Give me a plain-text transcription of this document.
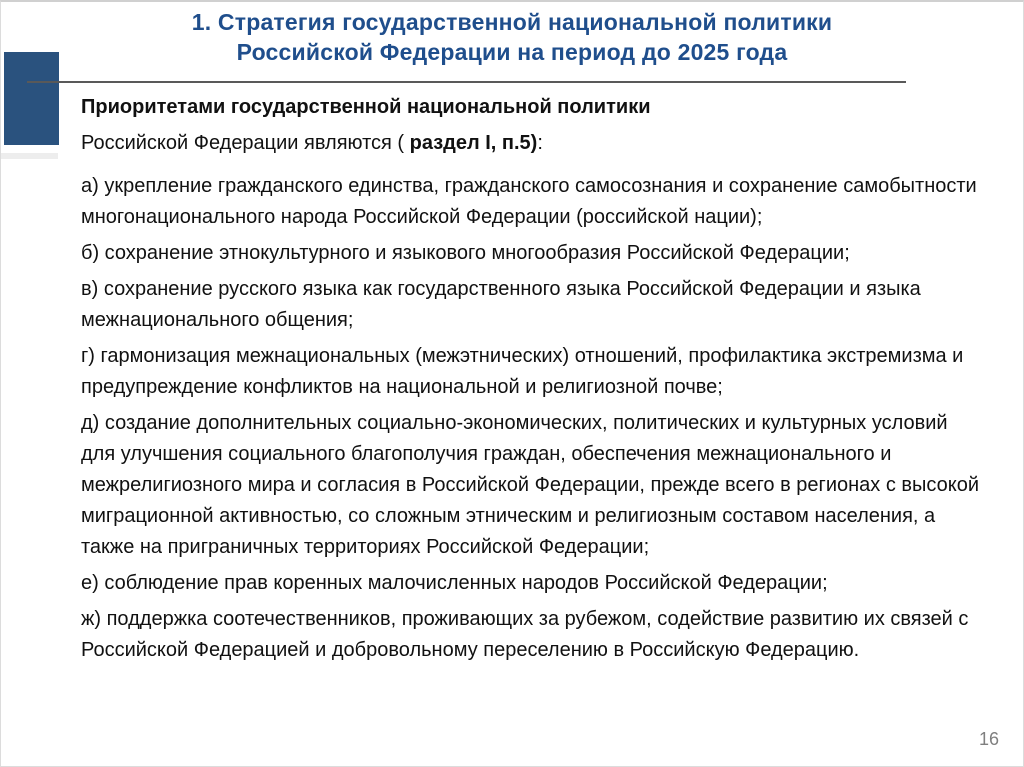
1. Стратегия государственной национальной политики
Российской Федерации на период до 2025 года

Приоритетами государственной национальной политики

Российской Федерации являются ( раздел I, п.5):

а) укрепление гражданского единства, гражданского самосознания и сохранение самобытности многонационального народа Российской Федерации (российской нации);

б) сохранение этнокультурного и языкового многообразия Российской Федерации;

в) сохранение русского языка как государственного языка Российской Федерации и языка межнационального общения;

г) гармонизация межнациональных (межэтнических) отношений, профилактика экстремизма и предупреждение конфликтов на национальной и религиозной почве;

д) создание дополнительных социально-экономических, политических и культурных условий для улучшения социального благополучия граждан, обеспечения межнационального и межрелигиозного мира и согласия в Российской Федерации, прежде всего в регионах с высокой миграционной активностью, со сложным этническим и религиозным составом населения, а также на приграничных территориях Российской Федерации;

е) соблюдение прав коренных малочисленных народов Российской Федерации;

ж) поддержка соотечественников, проживающих за рубежом, содействие развитию их связей с Российской Федерацией и добровольному переселению в Российскую Федерацию.

16
